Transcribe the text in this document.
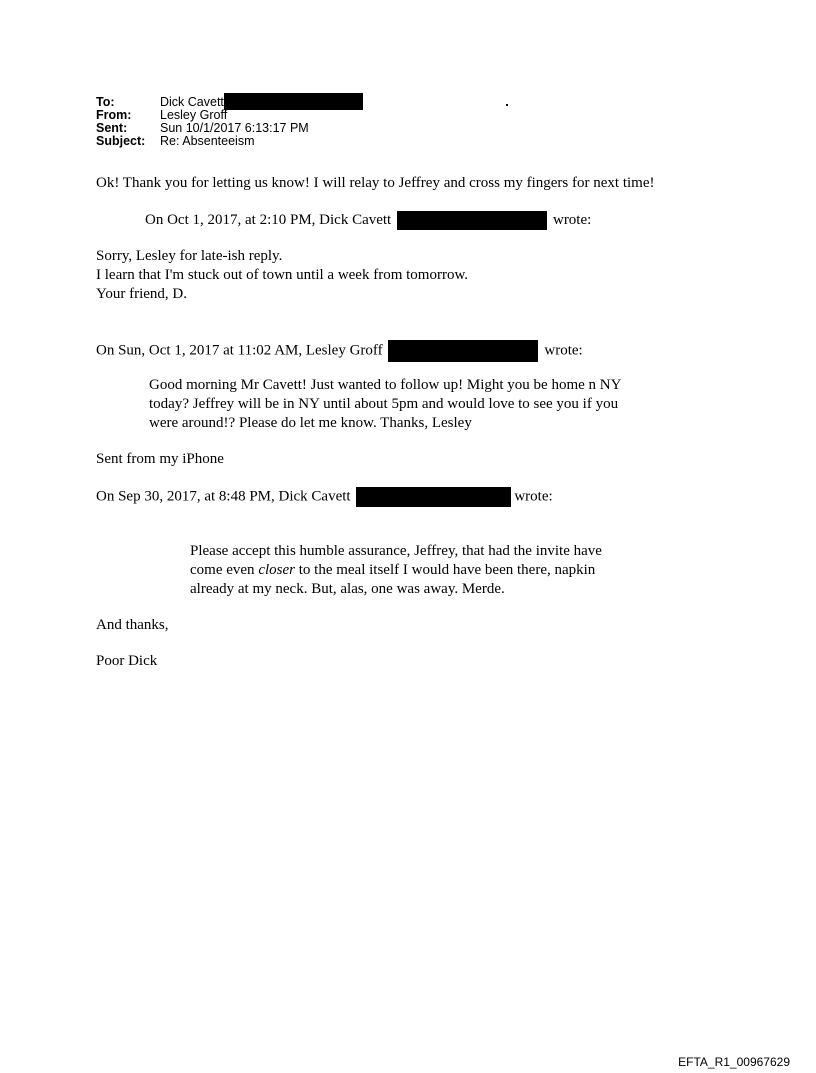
To:	Dick Cavett
From: Lesley Groff
Sent:	Sun 10/1/2017 6:13:17 PM
Subject: Re: Absenteeism
Ok! Thank you for letting us know! I will relay to Jeffrey and cross my fingers for next time!
On Oct 1, 2017, at 2:10 PM, Dick Cavett	wrote:
Sorry, Lesley for late-ish reply.
I learn that I'm stuck out of town until a week from tomorrow.
Your friend, D.
On Sun, Oct 1, 2017 at 11:02 AM, Lesley Groff	wrote:
Good morning Mr Cavett! Just wanted to follow up! Might you be home n NY
today? Jeffrey will be in NY until about 5pm and would love to see you if you
were around!? Please do let me know. Thanks, Lesley
Sent from my iPhone
On Sep 30, 2017, at 8:48 PM, Dick Cavett	wrote:
Please accept this humble assurance, Jeffrey, that had the invite have
come even closer to the meal itself I would have been there, napkin
already at my neck. But, alas, one was away. Merde.
And thanks,
Poor Dick
EFTA_R1_00967629
